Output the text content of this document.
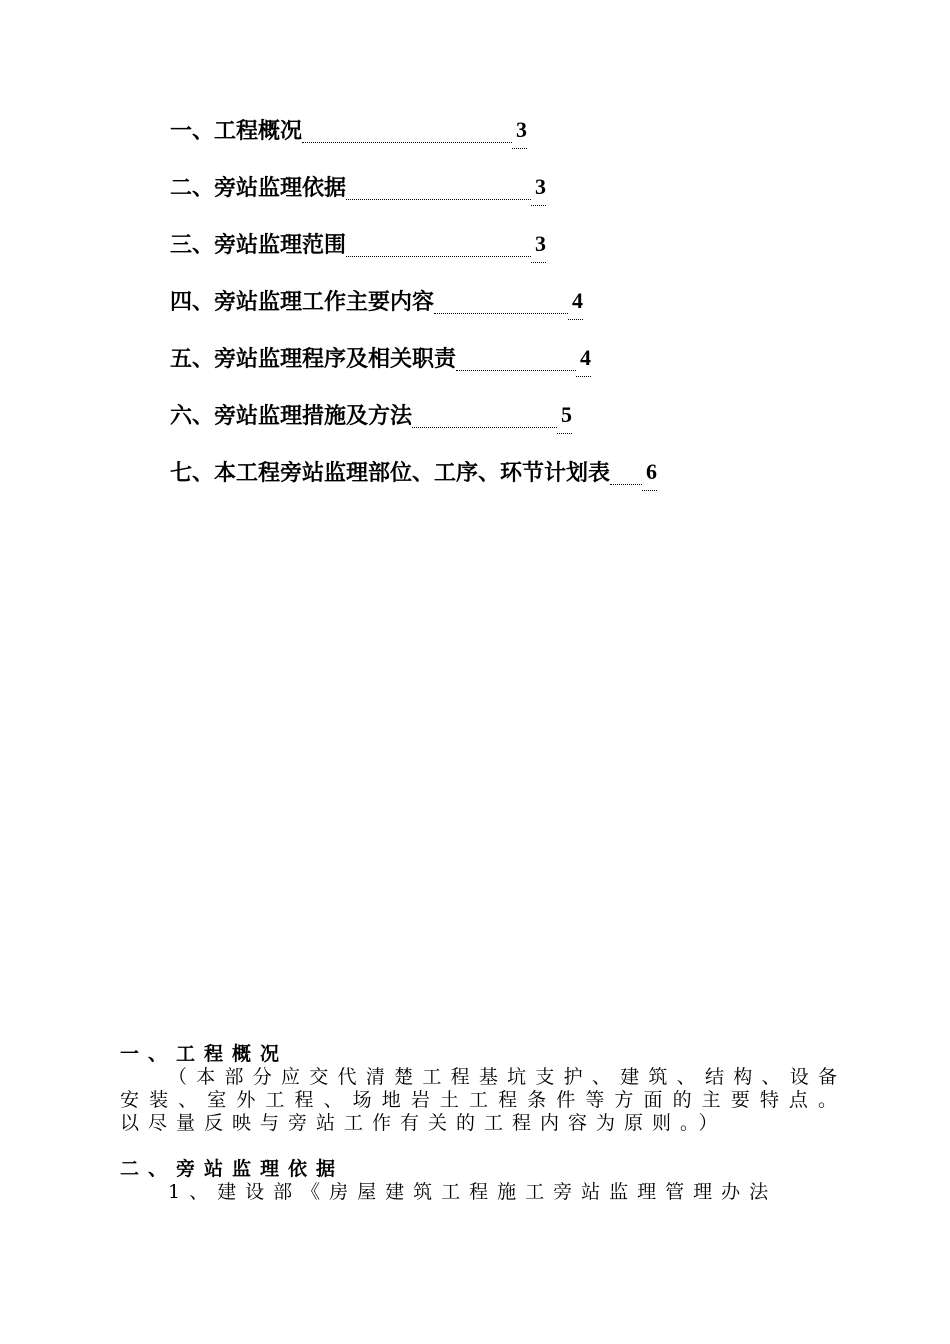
一、工程概况	3
二、旁站监理依据	3
三、旁站监理范围	3
四、旁站监理工作主要内容	4
五、旁站监理程序及相关职责	4
六、旁站监理措施及方法	5
七、本工程旁站监理部位、工序、环节计划表 6

一、工程概况

（本部分应交代清楚工程基坑支护、建筑、结构、设备安装、室外工程、场地岩土工程条件等方面的主要特点。以尽量反映与旁站工作有关的工程内容为原则。）

二、旁站监理依据

1、建设部《房屋建筑工程施工旁站监理管理办法
